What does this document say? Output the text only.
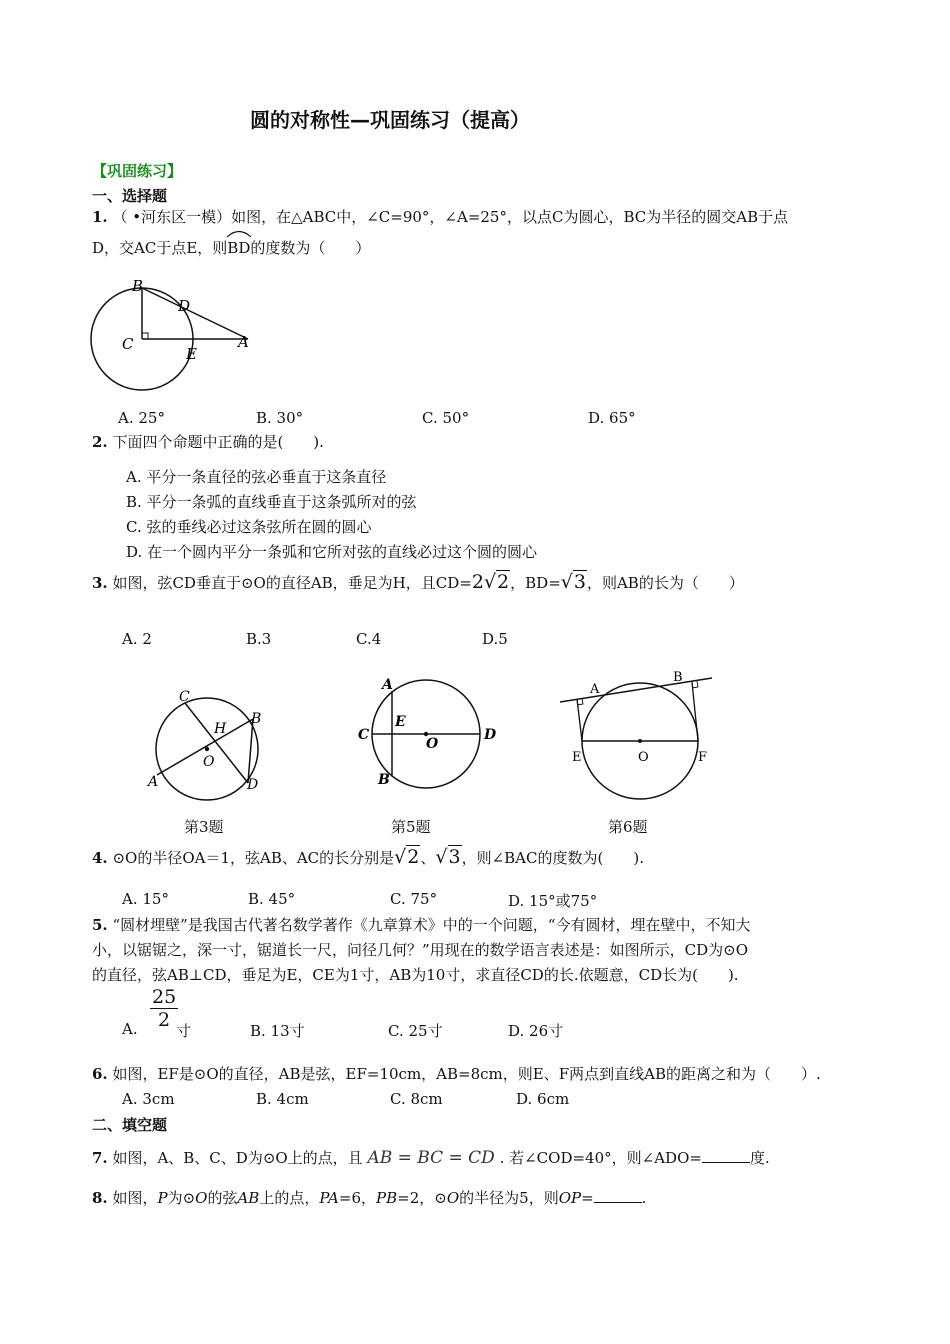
圆的对称性—巩固练习（提高）
【巩固练习】
一、选择题
1. （ •河东区一模）如图，在△ABC中，∠C=90°，∠A=25°，以点C为圆心，BC为半径的圆交AB于点
D，交AC于点E，则
BD的度数为（　　）
B
D
C
E
A
A. 25°	B. 30°	C. 50°	D. 65°
2. 下面四个命题中正确的是(　　).
A. 平分一条直径的弦必垂直于这条直径
B. 平分一条弧的直线垂直于这条弧所对的弦
C. 弦的垂线必过这条弦所在圆的圆心
D. 在一个圆内平分一条弧和它所对弦的直线必过这个圆的圆心
3. 如图，弦CD垂直于⊙O的直径AB，垂足为H，且CD=2√2，BD=√3，则AB的长为（　　）
A. 2	B.3	C.4	D.5
C
H
B
O
A	D
A
E
C
O
D
B
A
B
E	O	F
第3题	第5题	第6题
4. ⊙O的半径OA＝1，弦AB、AC的长分别是√2、√3，则∠BAC的度数为(　　).
A. 15°	B. 45°	C. 75°	D. 15°或75°
5. “圆材埋壁”是我国古代著名数学著作《九章算术》中的一个问题，“今有圆材，埋在壁中，不知大
小，以锯锯之，深一寸，锯道长一尺，问径几何？”用现在的数学语言表述是：如图所示，CD为⊙O
的直径，弦AB⊥CD，垂足为E，CE为1寸，AB为10寸，求直径CD的长.依题意，CD长为(　　).
A. $\frac{25}{2}$
寸	B. 13寸	C. 25寸	D. 26寸
6. 如图，EF是⊙O的直径，AB是弦，EF=10cm，AB=8cm，则E、F两点到直线AB的距离之和为（　　）.
A. 3cm	B. 4cm	C. 8cm	D. 6cm
二、填空题
7. 如图，A、B、C、D为⊙O上的点，且 AB = BC = CD . 若∠COD=40°，则∠ADO=	度.
8. 如图，P为⊙O的弦AB上的点，PA=6，PB=2，⊙O的半径为5，则OP=	.
